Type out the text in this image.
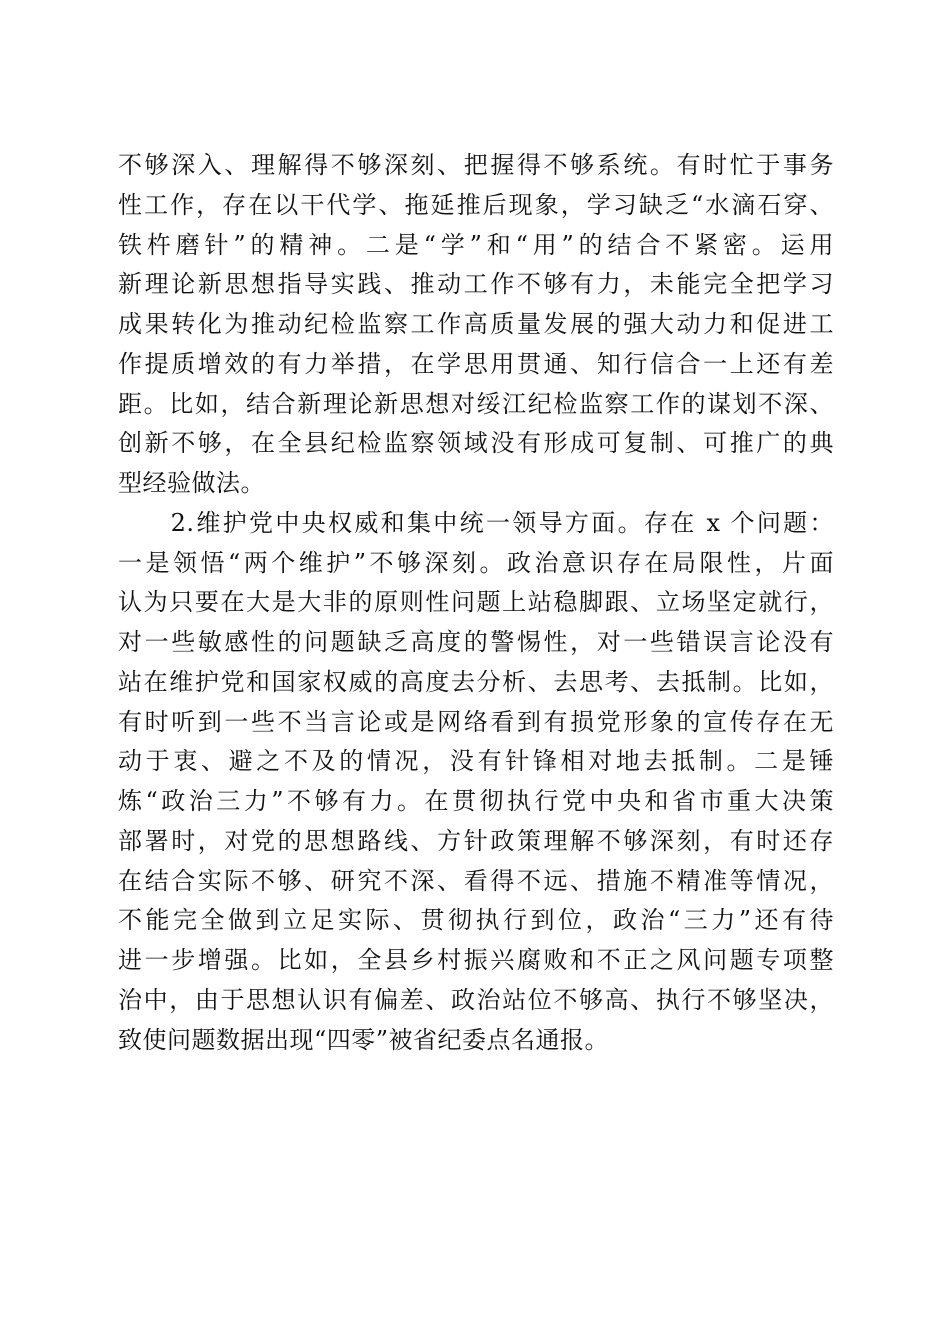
不够深入、理解得不够深刻、把握得不够系统。有时忙于事务
性工作，存在以干代学、拖延推后现象，学习缺乏“水滴石穿、
铁杵磨针”的精神。二是“学”和“用”的结合不紧密。运用
新理论新思想指导实践、推动工作不够有力，未能完全把学习
成果转化为推动纪检监察工作高质量发展的强大动力和促进工
作提质增效的有力举措，在学思用贯通、知行信合一上还有差
距。比如，结合新理论新思想对绥江纪检监察工作的谋划不深、
创新不够，在全县纪检监察领域没有形成可复制、可推广的典
型经验做法。
　　2.维护党中央权威和集中统一领导方面。存在 x 个问题：
一是领悟“两个维护”不够深刻。政治意识存在局限性，片面
认为只要在大是大非的原则性问题上站稳脚跟、立场坚定就行，
对一些敏感性的问题缺乏高度的警惕性，对一些错误言论没有
站在维护党和国家权威的高度去分析、去思考、去抵制。比如，
有时听到一些不当言论或是网络看到有损党形象的宣传存在无
动于衷、避之不及的情况，没有针锋相对地去抵制。二是锤
炼“政治三力”不够有力。在贯彻执行党中央和省市重大决策
部署时，对党的思想路线、方针政策理解不够深刻，有时还存
在结合实际不够、研究不深、看得不远、措施不精准等情况，
不能完全做到立足实际、贯彻执行到位，政治“三力”还有待
进一步增强。比如，全县乡村振兴腐败和不正之风问题专项整
治中，由于思想认识有偏差、政治站位不够高、执行不够坚决，
致使问题数据出现“四零”被省纪委点名通报。
